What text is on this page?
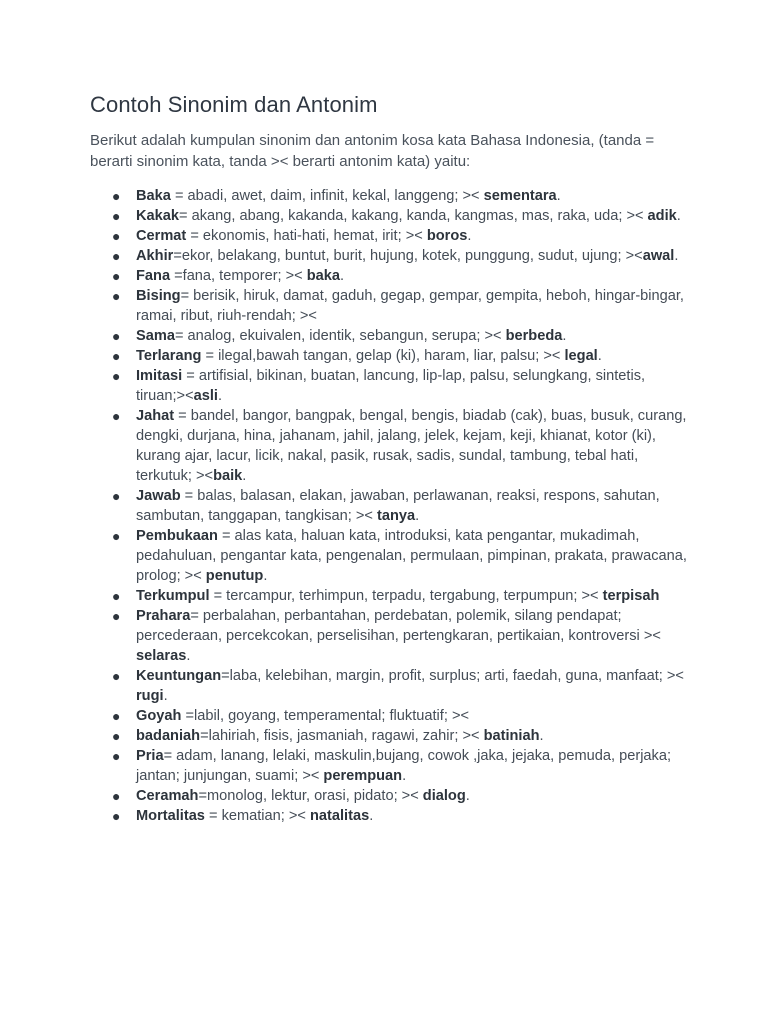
Contoh Sinonim dan Antonim

Berikut adalah kumpulan sinonim dan antonim kosa kata Bahasa Indonesia, (tanda = berarti sinonim kata, tanda >< berarti antonim kata) yaitu:

● Baka = abadi, awet, daim, infinit, kekal, langgeng; >< sementara.
● Kakak= akang, abang, kakanda, kakang, kanda, kangmas, mas, raka, uda; >< adik.
● Cermat = ekonomis, hati-hati, hemat, irit; >< boros.
● Akhir=ekor, belakang, buntut, burit, hujung, kotek, punggung, sudut, ujung; ><awal.
● Fana =fana, temporer; >< baka.
● Bising= berisik, hiruk, damat, gaduh, gegap, gempar, gempita, heboh, hingar-bingar, ramai, ribut, riuh-rendah; ><
● Sama= analog, ekuivalen, identik, sebangun, serupa; >< berbeda.
● Terlarang = ilegal,bawah tangan, gelap (ki), haram, liar, palsu; >< legal.
● Imitasi = artifisial, bikinan, buatan, lancung, lip-lap, palsu, selungkang, sintetis, tiruan;><asli.
● Jahat = bandel, bangor, bangpak, bengal, bengis, biadab (cak), buas, busuk, curang, dengki, durjana, hina, jahanam, jahil, jalang, jelek, kejam, keji, khianat, kotor (ki), kurang ajar, lacur, licik, nakal, pasik, rusak, sadis, sundal, tambung, tebal hati, terkutuk; ><baik.
● Jawab = balas, balasan, elakan, jawaban, perlawanan, reaksi, respons, sahutan, sambutan, tanggapan, tangkisan; >< tanya.
● Pembukaan = alas kata, haluan kata, introduksi, kata pengantar, mukadimah, pedahuluan, pengantar kata, pengenalan, permulaan, pimpinan, prakata, prawacana, prolog; >< penutup.
● Terkumpul = tercampur, terhimpun, terpadu, tergabung, terpumpun; >< terpisah
● Prahara= perbalahan, perbantahan, perdebatan, polemik, silang pendapat; percederaan, percekcokan, perselisihan, pertengkaran, pertikaian, kontroversi >< selaras.
● Keuntungan=laba, kelebihan, margin, profit, surplus; arti, faedah, guna, manfaat; >< rugi.
● Goyah =labil, goyang, temperamental; fluktuatif; ><
● badaniah=lahiriah, fisis, jasmaniah, ragawi, zahir; >< batiniah.
● Pria= adam, lanang, lelaki, maskulin,bujang, cowok ,jaka, jejaka, pemuda, perjaka; jantan; junjungan, suami; >< perempuan.
● Ceramah=monolog, lektur, orasi, pidato; >< dialog.
● Mortalitas = kematian; >< natalitas.
